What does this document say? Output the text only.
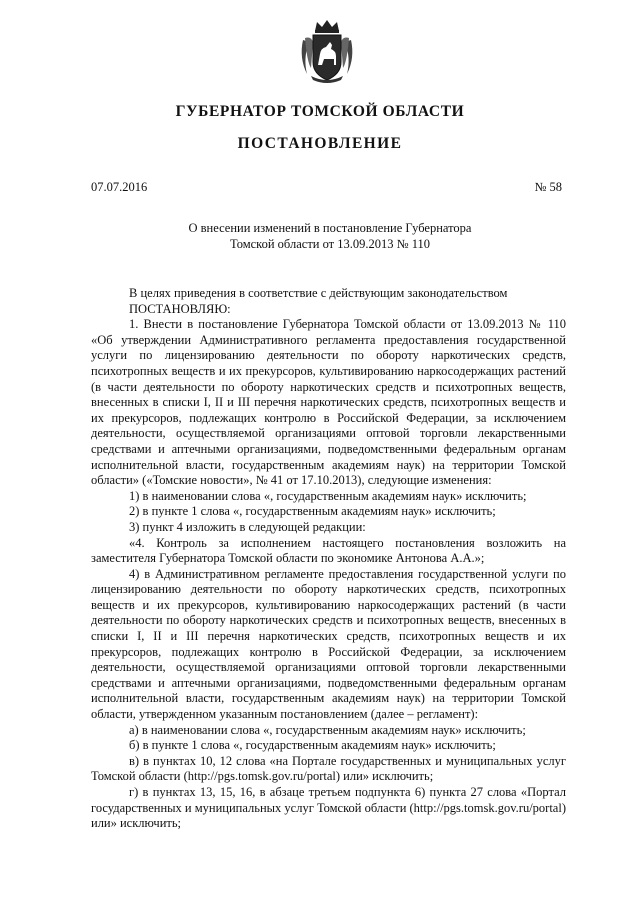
ГУБЕРНАТОР ТОМСКОЙ ОБЛАСТИ
ПОСТАНОВЛЕНИЕ
07.07.2016	№ 58
О внесении изменений в постановление Губернатора
Томской области от 13.09.2013 № 110

В целях приведения в соответствие с действующим законодательством

ПОСТАНОВЛЯЮ:

1. Внести в постановление Губернатора Томской области от 13.09.2013 № 110 «Об утверждении Административного регламента предоставления государственной услуги по лицензированию деятельности по обороту наркотических средств, психотропных веществ и их прекурсоров, культивированию наркосодержащих растений (в части деятельности по обороту наркотических средств и психотропных веществ, внесенных в списки I, II и III перечня наркотических средств, психотропных веществ и их прекурсоров, подлежащих контролю в Российской Федерации, за исключением деятельности, осуществляемой организациями оптовой торговли лекарственными средствами и аптечными организациями, подведомственными федеральным органам исполнительной власти, государственным академиям наук) на территории Томской области» («Томские новости», № 41 от 17.10.2013), следующие изменения:

1) в наименовании слова «, государственным академиям наук» исключить;

2) в пункте 1 слова «, государственным академиям наук» исключить;

3) пункт 4 изложить в следующей редакции:

«4. Контроль за исполнением настоящего постановления возложить на заместителя Губернатора Томской области по экономике Антонова А.А.»;

4) в Административном регламенте предоставления государственной услуги по лицензированию деятельности по обороту наркотических средств, психотропных веществ и их прекурсоров, культивированию наркосодержащих растений (в части деятельности по обороту наркотических средств и психотропных веществ, внесенных в списки I, II и III перечня наркотических средств, психотропных веществ и их прекурсоров, подлежащих контролю в Российской Федерации, за исключением деятельности, осуществляемой организациями оптовой торговли лекарственными средствами и аптечными организациями, подведомственными федеральным органам исполнительной власти, государственным академиям наук) на территории Томской области, утвержденном указанным постановлением (далее – регламент):

а) в наименовании слова «, государственным академиям наук» исключить;

б) в пункте 1 слова «, государственным академиям наук» исключить;

в) в пунктах 10, 12 слова «на Портале государственных и муниципальных услуг Томской области (http://pgs.tomsk.gov.ru/portal) или» исключить;

г) в пунктах 13, 15, 16, в абзаце третьем подпункта 6) пункта 27 слова «Портал государственных и муниципальных услуг Томской области (http://pgs.tomsk.gov.ru/portal) или» исключить;
